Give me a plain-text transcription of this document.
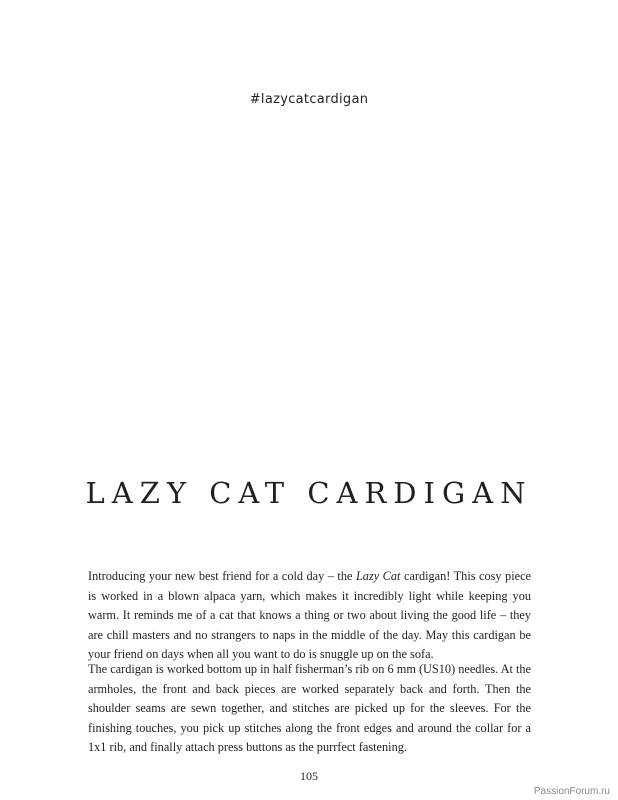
#lazycatcardigan
LAZY CAT CARDIGAN

Introducing your new best friend for a cold day – the Lazy Cat cardigan! This cosy piece is worked in a blown alpaca yarn, which makes it incredibly light while keeping you warm. It reminds me of a cat that knows a thing or two about living the good life – they are chill masters and no strangers to naps in the middle of the day. May this cardigan be your friend on days when all you want to do is snuggle up on the sofa.

The cardigan is worked bottom up in half fisherman’s rib on 6 mm (US10) needles. At the armholes, the front and back pieces are worked separately back and forth. Then the shoulder seams are sewn together, and stitches are picked up for the sleeves. For the finishing touches, you pick up stitches along the front edges and around the collar for a 1x1 rib, and finally attach press buttons as the purrfect fastening.

105
PassionForum.ru
